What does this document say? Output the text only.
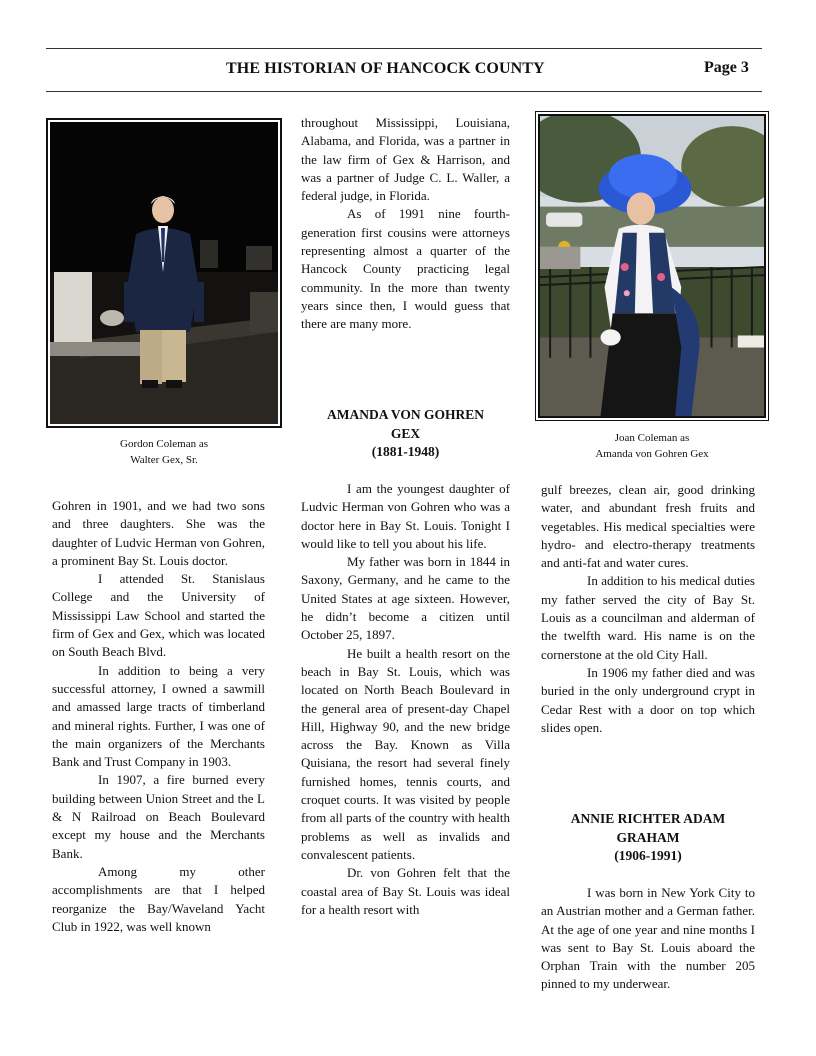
THE HISTORIAN OF HANCOCK COUNTY	Page 3
Gordon Coleman as
Walter Gex, Sr.
Joan Coleman as
Amanda von Gohren Gex

Gohren in 1901, and we had two sons and three daughters. She was the daughter of Ludvic Herman von Gohren, a prominent Bay St. Louis doctor.

I attended St. Stanislaus College and the University of Mississippi Law School and started the firm of Gex and Gex, which was located on South Beach Blvd.

In addition to being a very successful attorney, I owned a sawmill and amassed large tracts of timberland and mineral rights. Further, I was one of the main organizers of the Merchants Bank and Trust Company in 1903.

In 1907, a fire burned every building between Union Street and the L & N Railroad on Beach Boulevard except my house and the Merchants Bank.

Among my other accomplishments are that I helped reorganize the Bay/Waveland Yacht Club in 1922, was well known

throughout Mississippi, Louisiana, Alabama, and Florida, was a partner in the law firm of Gex & Harrison, and was a partner of Judge C. L. Waller, a federal judge, in Florida.

As of 1991 nine fourth-generation first cousins were attorneys representing almost a quarter of the Hancock County practicing legal community. In the more than twenty years since then, I would guess that there are many more.

AMANDA VON GOHREN
GEX
(1881-1948)

I am the youngest daughter of Ludvic Herman von Gohren who was a doctor here in Bay St. Louis. Tonight I would like to tell you about his life.

My father was born in 1844 in Saxony, Germany, and he came to the United States at age sixteen. However, he didn’t become a citizen until October 25, 1897.

He built a health resort on the beach in Bay St. Louis, which was located on North Beach Boulevard in the general area of present-day Chapel Hill, Highway 90, and the new bridge across the Bay. Known as Villa Quisiana, the resort had several finely furnished homes, tennis courts, and croquet courts. It was visited by people from all parts of the country with health problems as well as invalids and convalescent patients.

Dr. von Gohren felt that the coastal area of Bay St. Louis was ideal for a health resort with

gulf breezes, clean air, good drinking water, and abundant fresh fruits and vegetables. His medical specialties were hydro- and electro-therapy treatments and anti-fat and water cures.

In addition to his medical duties my father served the city of Bay St. Louis as a councilman and alderman of the twelfth ward. His name is on the cornerstone at the old City Hall.

In 1906 my father died and was buried in the only underground crypt in Cedar Rest with a door on top which slides open.

ANNIE RICHTER ADAM
GRAHAM
(1906-1991)

I was born in New York City to an Austrian mother and a German father. At the age of one year and nine months I was sent to Bay St. Louis aboard the Orphan Train with the number 205 pinned to my underwear.
